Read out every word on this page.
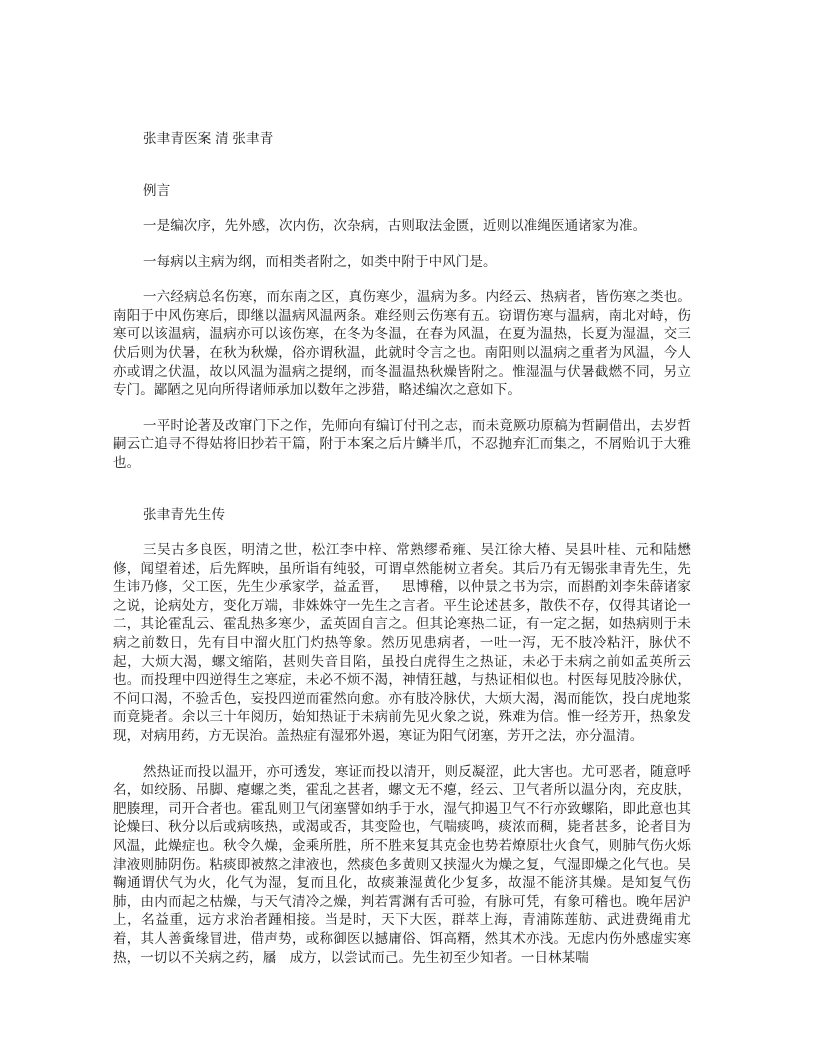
张聿青医案 清 张聿青
例言

一是编次序，先外感，次内伤，次杂病，古则取法金匮，近则以准绳医通诸家为准。

一每病以主病为纲，而相类者附之，如类中附于中风门是。

一六经病总名伤寒，而东南之区，真伤寒少，温病为多。内经云、热病者，皆伤寒之类也。南阳于中风伤寒后，即继以温病风温两条。难经则云伤寒有五。窃谓伤寒与温病，南北对峙，伤寒可以该温病，温病亦可以该伤寒，在冬为冬温，在春为风温，在夏为温热，长夏为湿温，交三伏后则为伏暑，在秋为秋燥，俗亦谓秋温，此就时令言之也。南阳则以温病之重者为风温，今人亦或谓之伏温，故以风温为温病之提纲，而冬温温热秋燥皆附之。惟湿温与伏暑截燃不同，另立专门。鄙陋之见向所得诸师承加以数年之涉猎，略述编次之意如下。

一平时论著及改窜门下之作，先师向有编订付刊之志，而未竟厥功原稿为哲嗣借出，去岁哲嗣云亡追寻不得姑将旧抄若干篇，附于本案之后片鳞半爪，不忍抛弃汇而集之，不屑贻讥于大雅也。

张聿青先生传

三吴古多良医，明清之世，松江李中梓、常熟缪希雍、吴江徐大椿、吴县叶桂、元和陆懋修，闻望着述，后先辉映，虽所诣有纯驳，可谓卓然能树立者矣。其后乃有无锡张聿青先生，先生讳乃修，父工医，先生少承家学，益孟晋， 思博稽，以仲景之书为宗，而斟酌刘李朱薛诸家之说，论病处方，变化万端，非姝姝守一先生之言者。平生论述甚多，散佚不存，仅得其诸论一二，其论霍乱云、霍乱热多寒少，孟英固自言之。但其论寒热二证，有一定之据，如热病则于未病之前数日，先有目中溜火肛门灼热等象。然历见患病者，一吐一泻，无不肢冷粘汗，脉伏不起，大烦大渴，螺文缩陷，甚则失音目陷，虽投白虎得生之热证，未必于未病之前如孟英所云也。而投理中四逆得生之寒症，未必不烦不渴，神情狂越，与热证相似也。村医每见肢冷脉伏，不问口渴，不验舌色，妄投四逆而霍然向愈。亦有肢冷脉伏，大烦大渴，渴而能饮，投白虎地浆而竟毙者。余以三十年阅历，始知热证于未病前先见火象之说，殊难为信。惟一经芳开，热象发现，对病用药，方无误治。盖热症有湿邪外遏，寒证为阳气闭塞，芳开之法，亦分温清。

然热证而投以温开，亦可透发，寒证而投以清开，则反凝涩，此大害也。尤可恶者，随意呼名，如绞肠、吊脚、瘪螺之类，霍乱之甚者，螺文无不瘪，经云、卫气者所以温分肉，充皮肤，肥腠理，司开合者也。霍乱则卫气闭塞譬如纳手于水，湿气抑遏卫气不行亦致螺陷，即此意也其论燥曰、秋分以后或病咳热，或渴或否，其变险也，气喘痰鸣，痰浓而稠，毙者甚多，论者目为风温，此燥症也。秋令久燥，金乘所胜，所不胜来复其克金也势若燎原壮火食气，则肺气伤火烁津液则肺阴伤。粘痰即被熬之津液也，然痰色多黄则又挟湿火为燥之复，气湿即燥之化气也。吴鞠通谓伏气为火，化气为湿，复而且化，故痰兼湿黄化少复多，故湿不能济其燥。是知复气伤肺，由内而起之枯燥，与天气清冷之燥，判若霄渊有舌可验，有脉可凭，有象可稽也。晚年居沪上，名益重，远方求治者踵相接。当是时，天下大医，群萃上海，青浦陈莲舫、武进费绳甫尤着，其人善夤缘冒进，借声势，或称御医以撼庸俗、饵高糈，然其术亦浅。无虑内伤外感虚实寒热，一切以不关病之药，屩 成方，以尝试而己。先生初至少知者。一日林某喘
